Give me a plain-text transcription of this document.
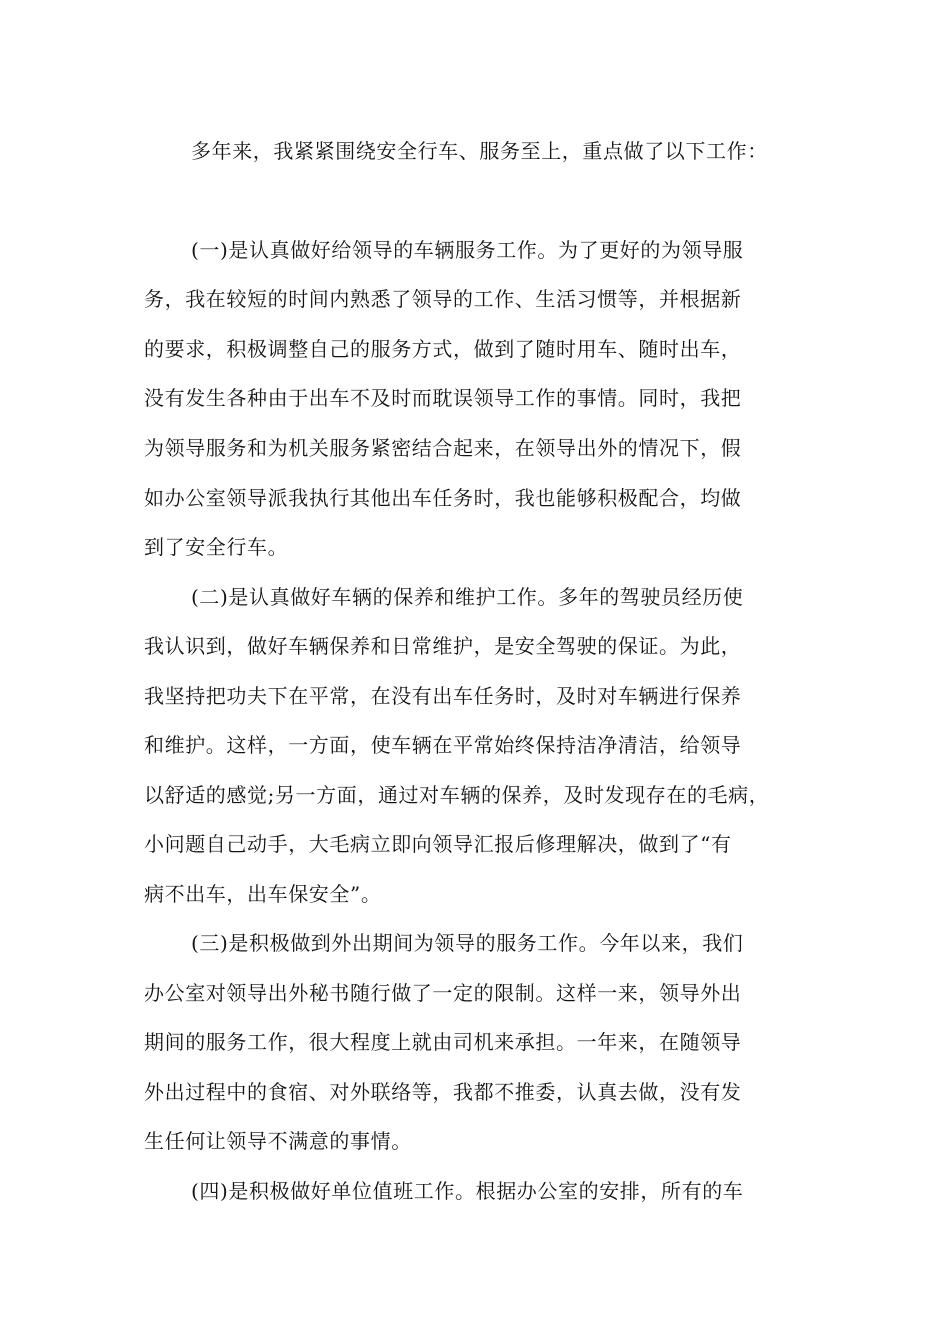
多年来，我紧紧围绕安全行车、服务至上，重点做了以下工作：

(一)是认真做好给领导的车辆服务工作。为了更好的为领导服

务，我在较短的时间内熟悉了领导的工作、生活习惯等，并根据新

的要求，积极调整自己的服务方式，做到了随时用车、随时出车，

没有发生各种由于出车不及时而耽误领导工作的事情。同时，我把

为领导服务和为机关服务紧密结合起来，在领导出外的情况下，假

如办公室领导派我执行其他出车任务时，我也能够积极配合，均做

到了安全行车。

(二)是认真做好车辆的保养和维护工作。多年的驾驶员经历使

我认识到，做好车辆保养和日常维护，是安全驾驶的保证。为此，

我坚持把功夫下在平常，在没有出车任务时，及时对车辆进行保养

和维护。这样，一方面，使车辆在平常始终保持洁净清洁，给领导

以舒适的感觉;另一方面，通过对车辆的保养，及时发现存在的毛病，

小问题自己动手，大毛病立即向领导汇报后修理解决，做到了“有

病不出车，出车保安全”。

(三)是积极做到外出期间为领导的服务工作。今年以来，我们

办公室对领导出外秘书随行做了一定的限制。这样一来，领导外出

期间的服务工作，很大程度上就由司机来承担。一年来，在随领导

外出过程中的食宿、对外联络等，我都不推委，认真去做，没有发

生任何让领导不满意的事情。

(四)是积极做好单位值班工作。根据办公室的安排，所有的车
